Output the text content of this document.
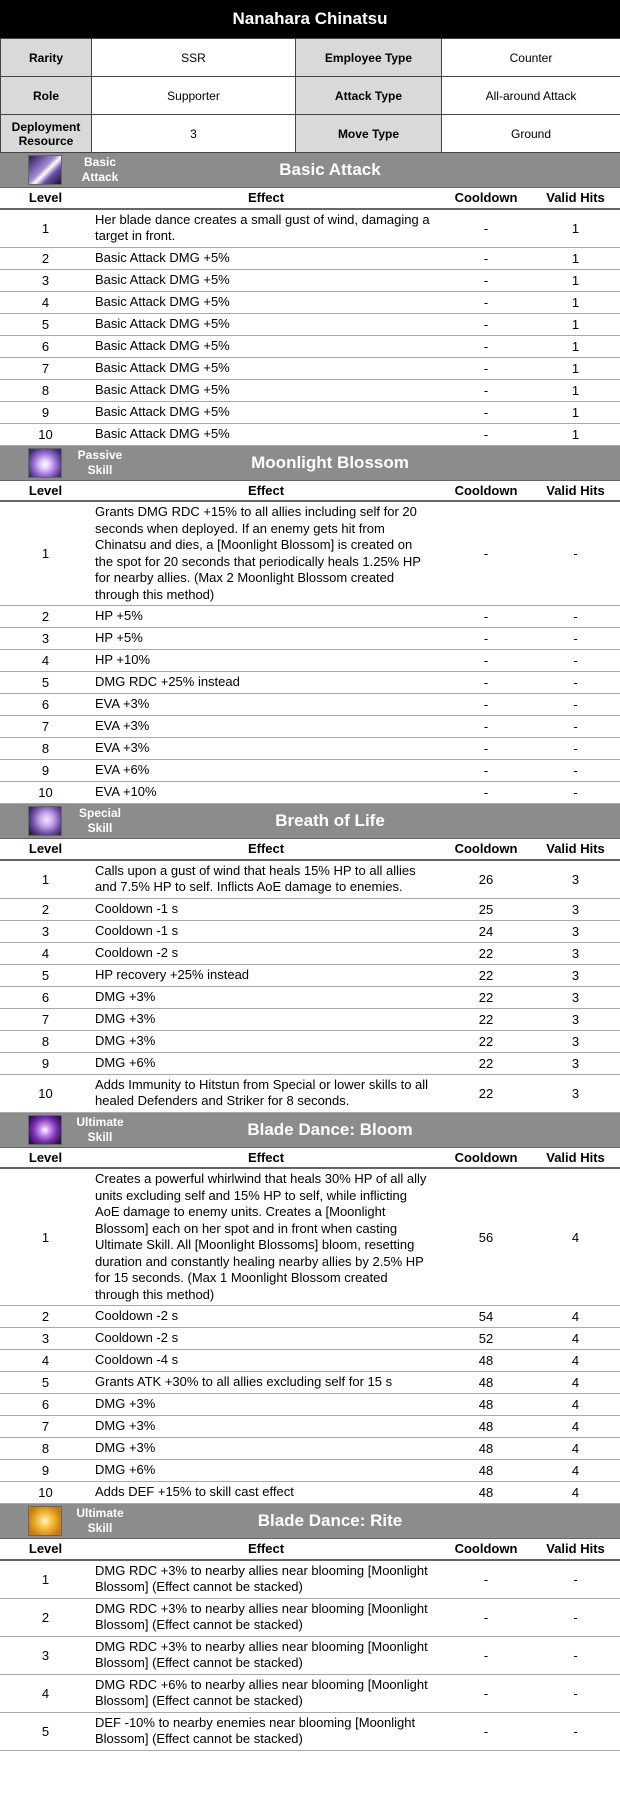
Nanahara Chinatsu
Rarity	SSR	Employee Type	Counter
Role	Supporter	Attack Type	All-around Attack
Deployment Resource	3	Move Type	Ground
Basic Attack	Basic Attack
Level	Effect	Cooldown	Valid Hits
1	Her blade dance creates a small gust of wind, damaging a target in front.	-	1
2	Basic Attack DMG +5%	-	1
3	Basic Attack DMG +5%	-	1
4	Basic Attack DMG +5%	-	1
5	Basic Attack DMG +5%	-	1
6	Basic Attack DMG +5%	-	1
7	Basic Attack DMG +5%	-	1
8	Basic Attack DMG +5%	-	1
9	Basic Attack DMG +5%	-	1
10	Basic Attack DMG +5%	-	1
Passive Skill	Moonlight Blossom
Level	Effect	Cooldown	Valid Hits
1	Grants DMG RDC +15% to all allies including self for 20 seconds when deployed. If an enemy gets hit from Chinatsu and dies, a [Moonlight Blossom] is created on the spot for 20 seconds that periodically heals 1.25% HP for nearby allies. (Max 2 Moonlight Blossom created through this method)	-	-
2	HP +5%	-	-
3	HP +5%	-	-
4	HP +10%	-	-
5	DMG RDC +25% instead	-	-
6	EVA +3%	-	-
7	EVA +3%	-	-
8	EVA +3%	-	-
9	EVA +6%	-	-
10	EVA +10%	-	-
Special Skill	Breath of Life
Level	Effect	Cooldown	Valid Hits
1	Calls upon a gust of wind that heals 15% HP to all allies and 7.5% HP to self. Inflicts AoE damage to enemies.	26	3
2	Cooldown -1 s	25	3
3	Cooldown -1 s	24	3
4	Cooldown -2 s	22	3
5	HP recovery +25% instead	22	3
6	DMG +3%	22	3
7	DMG +3%	22	3
8	DMG +3%	22	3
9	DMG +6%	22	3
10	Adds Immunity to Hitstun from Special or lower skills to all healed Defenders and Striker for 8 seconds.	22	3
Ultimate Skill	Blade Dance: Bloom
Level	Effect	Cooldown	Valid Hits
1	Creates a powerful whirlwind that heals 30% HP of all ally units excluding self and 15% HP to self, while inflicting AoE damage to enemy units. Creates a [Moonlight Blossom] each on her spot and in front when casting Ultimate Skill. All [Moonlight Blossoms] bloom, resetting duration and constantly healing nearby allies by 2.5% HP for 15 seconds. (Max 1 Moonlight Blossom created through this method)	56	4
2	Cooldown -2 s	54	4
3	Cooldown -2 s	52	4
4	Cooldown -4 s	48	4
5	Grants ATK +30% to all allies excluding self for 15 s	48	4
6	DMG +3%	48	4
7	DMG +3%	48	4
8	DMG +3%	48	4
9	DMG +6%	48	4
10	Adds DEF +15% to skill cast effect	48	4
Ultimate Skill	Blade Dance: Rite
Level	Effect	Cooldown	Valid Hits
1	DMG RDC +3% to nearby allies near blooming [Moonlight Blossom] (Effect cannot be stacked)	-	-
2	DMG RDC +3% to nearby allies near blooming [Moonlight Blossom] (Effect cannot be stacked)	-	-
3	DMG RDC +3% to nearby allies near blooming [Moonlight Blossom] (Effect cannot be stacked)	-	-
4	DMG RDC +6% to nearby allies near blooming [Moonlight Blossom] (Effect cannot be stacked)	-	-
5	DEF -10% to nearby enemies near blooming [Moonlight Blossom] (Effect cannot be stacked)	-	-
